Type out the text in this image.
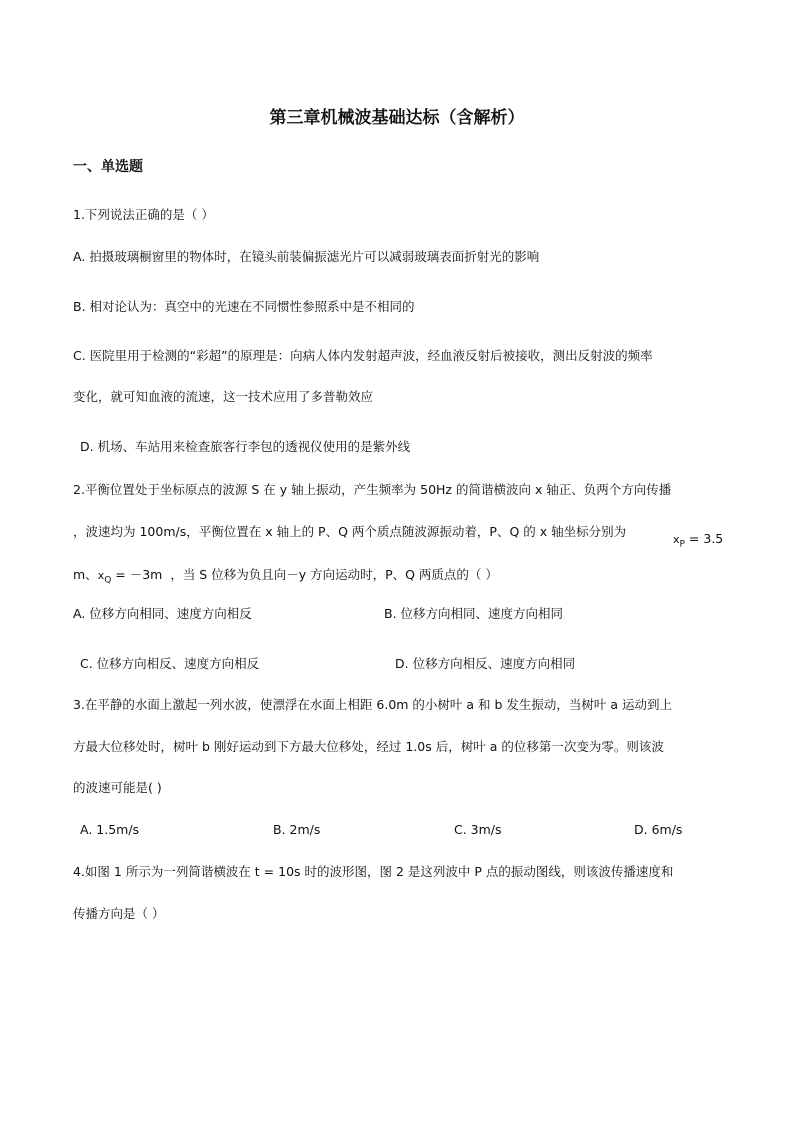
第三章机械波基础达标（含解析）
一、单选题
1.下列说法正确的是（ ）
A. 拍摄玻璃橱窗里的物体时，在镜头前装偏振滤光片可以减弱玻璃表面折射光的影响
B. 相对论认为：真空中的光速在不同惯性参照系中是不相同的
C. 医院里用于检测的“彩超”的原理是：向病人体内发射超声波，经血液反射后被接收，测出反射波的频率
变化，就可知血液的流速，这一技术应用了多普勒效应
D. 机场、车站用来检查旅客行李包的透视仪使用的是紫外线
2.平衡位置处于坐标原点的波源 S 在 y 轴上振动，产生频率为 50Hz 的简谐横波向 x 轴正、负两个方向传播
，波速均为 100m/s，平衡位置在 x 轴上的 P、Q 两个质点随波源振动着，P、Q 的 x 轴坐标分别为
$x_P = 3.5$
m、$x_Q = -3m$ ，当 S 位移为负且向－y 方向运动时，P、Q 两质点的（ ）
A. 位移方向相同、速度方向相反	B. 位移方向相同、速度方向相同
C. 位移方向相反、速度方向相反	D. 位移方向相反、速度方向相同
3.在平静的水面上激起一列水波，使漂浮在水面上相距 6.0m 的小树叶 a 和 b 发生振动，当树叶 a 运动到上
方最大位移处时，树叶 b 刚好运动到下方最大位移处，经过 1.0s 后，树叶 a 的位移第一次变为零。则该波
的波速可能是( )
A. 1.5m/s	B. 2m/s	C. 3m/s	D. 6m/s
4.如图 1 所示为一列简谐横波在 t = 10s 时的波形图，图 2 是这列波中 P 点的振动图线，则该波传播速度和
传播方向是（ ）
